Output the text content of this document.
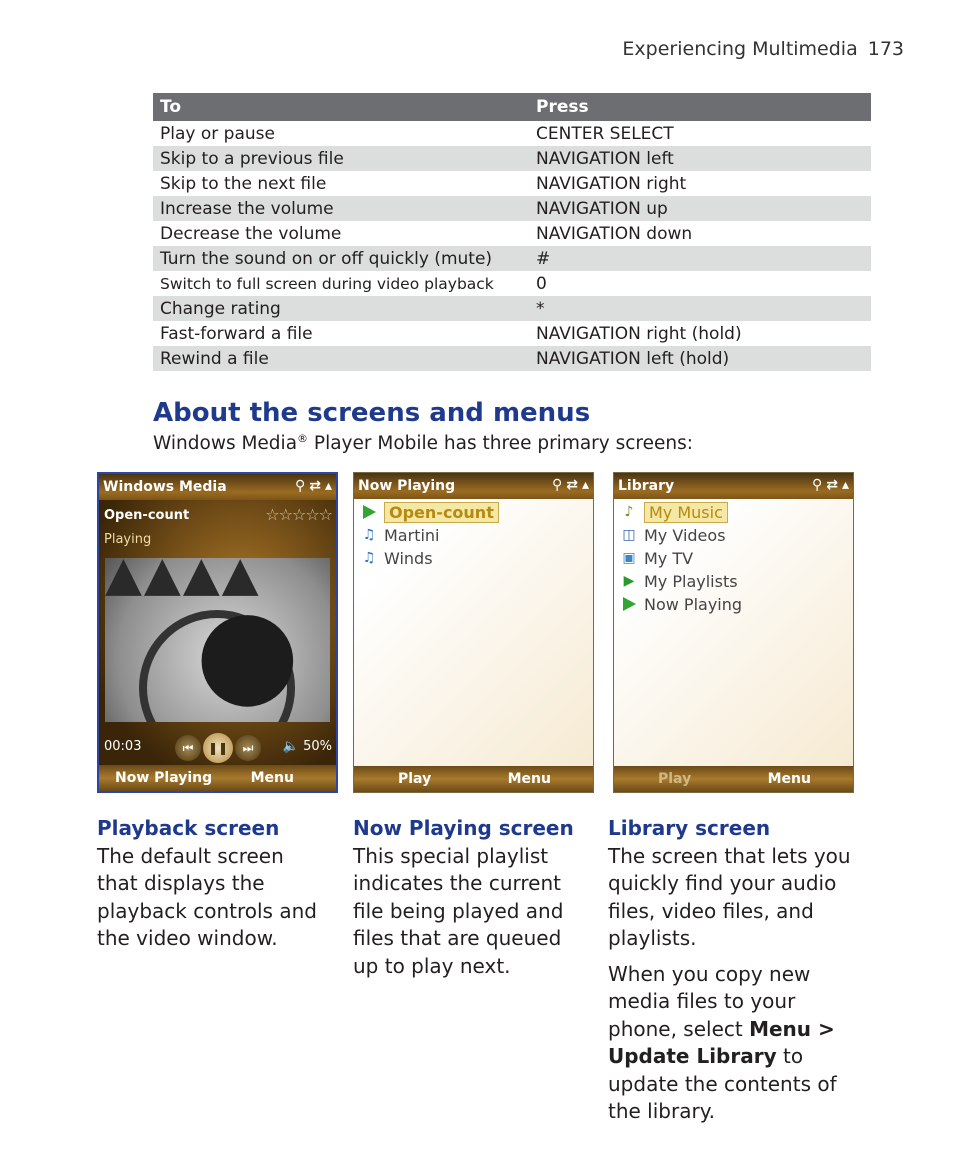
Experiencing Multimedia 173
To	Press
Play or pause	CENTER SELECT
Skip to a previous file	NAVIGATION left
Skip to the next file	NAVIGATION right
Increase the volume	NAVIGATION up
Decrease the volume	NAVIGATION down
Turn the sound on or off quickly (mute)	#
Switch to full screen during video playback	0
Change rating	*
Fast-forward a file	NAVIGATION right (hold)
Rewind a file	NAVIGATION left (hold)
About the screens and menus

Windows Media® Player Mobile has three primary screens:

Windows Media	⚲ ⇄ ▴
Open-count
Playing
☆☆☆☆☆
▲▲▲▲
●
00:03	⏮	❚❚	⏭	🔈 50%
Now Playing	Menu
Now Playing	⚲ ⇄ ▴
Open-count
♫ Martini
♫ Winds
Play	Menu
Library	⚲ ⇄ ▴
♪ My Music
◫ My Videos
▣ My TV
▶ My Playlists
Now Playing
Play	Menu
Playback screen

The default screen that displays the playback controls and the video window.

Now Playing screen

This special playlist indicates the current file being played and files that are queued up to play next.

Library screen

The screen that lets you quickly find your audio files, video files, and playlists.

When you copy new media files to your phone, select Menu > Update Library to update the contents of the library.
